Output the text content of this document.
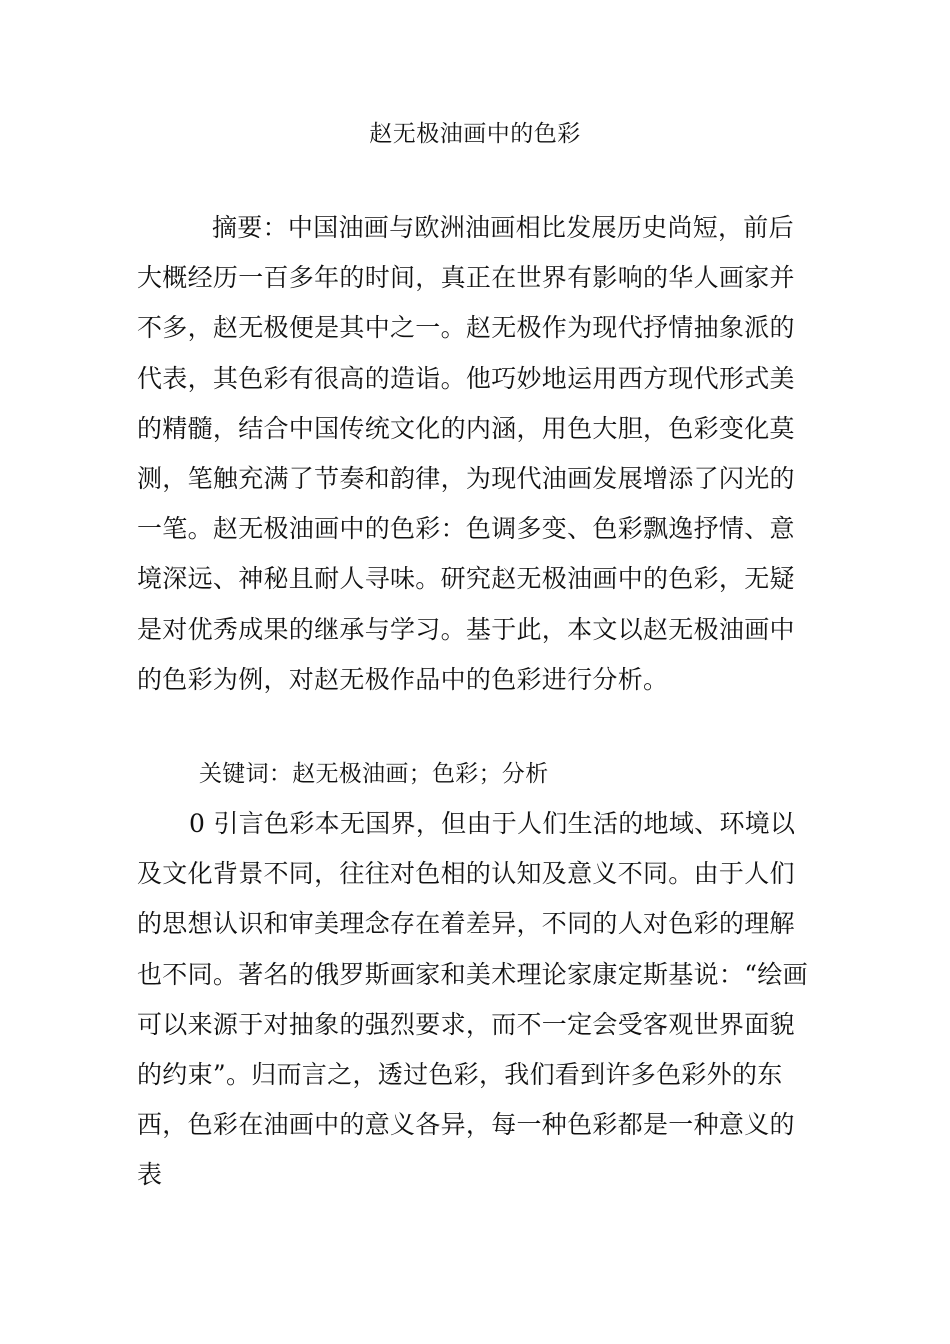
赵无极油画中的色彩

摘要：中国油画与欧洲油画相比发展历史尚短，前后大概经历一百多年的时间，真正在世界有影响的华人画家并不多，赵无极便是其中之一。赵无极作为现代抒情抽象派的代表，其色彩有很高的造诣。他巧妙地运用西方现代形式美的精髓，结合中国传统文化的内涵，用色大胆，色彩变化莫测，笔触充满了节奏和韵律，为现代油画发展增添了闪光的一笔。赵无极油画中的色彩：色调多变、色彩飘逸抒情、意境深远、神秘且耐人寻味。研究赵无极油画中的色彩，无疑是对优秀成果的继承与学习。基于此，本文以赵无极油画中的色彩为例，对赵无极作品中的色彩进行分析。

关键词：赵无极油画；色彩；分析

0 引言色彩本无国界，但由于人们生活的地域、环境以及文化背景不同，往往对色相的认知及意义不同。由于人们的思想认识和审美理念存在着差异，不同的人对色彩的理解也不同。著名的俄罗斯画家和美术理论家康定斯基说：“绘画可以来源于对抽象的强烈要求，而不一定会受客观世界面貌的约束”。归而言之，透过色彩，我们看到许多色彩外的东西，色彩在油画中的意义各异，每一种色彩都是一种意义的表
